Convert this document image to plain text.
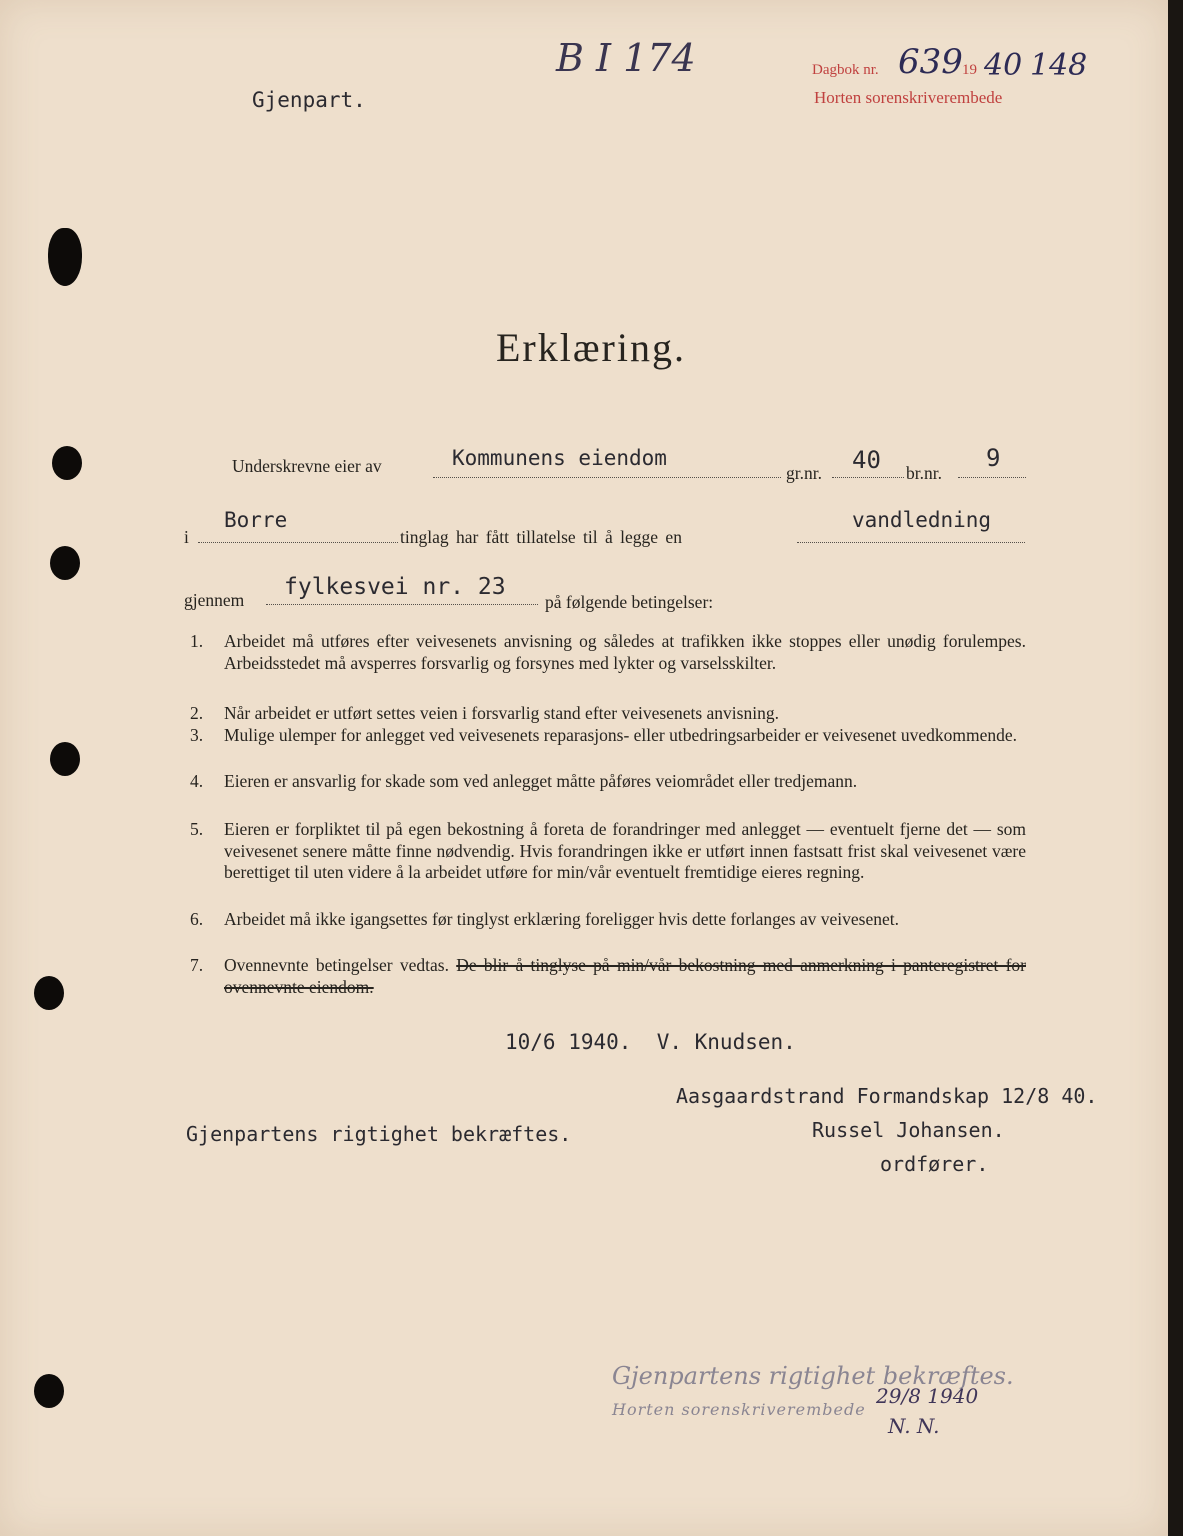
Gjenpart.
B I 174	Dagbok nr. 639 19 40 148
Horten sorenskriverembede
Erklæring.
Underskrevne eier av	Kommunens eiendom
gr.nr. 40 br.nr.
9
i
Borre
tinglag har fått tillatelse til å legge en
vandledning
gjennem fylkesvei nr. 23
på følgende betingelser:
1.	Arbeidet må utføres efter veivesenets anvisning og således at trafikken ikke stoppes eller unødig forulempes. Arbeidsstedet må avsperres forsvarlig og forsynes med lykter og varselsskilter.
2.	Når arbeidet er utført settes veien i forsvarlig stand efter veivesenets anvisning.
3.	Mulige ulemper for anlegget ved veivesenets reparasjons- eller utbedringsarbeider er veivesenet uvedkommende.
4.	Eieren er ansvarlig for skade som ved anlegget måtte påføres veiområdet eller tredjemann.
5.	Eieren er forpliktet til på egen bekostning å foreta de forandringer med anlegget — eventuelt fjerne det — som veivesenet senere måtte finne nødvendig. Hvis forandringen ikke er utført innen fastsatt frist skal veivesenet være berettiget til uten videre å la arbeidet utføre for min/vår eventuelt fremtidige eieres regning.
6.	Arbeidet må ikke igangsettes før tinglyst erklæring foreligger hvis dette forlanges av veivesenet.
7.	Ovennevnte betingelser vedtas. De blir å tinglyse på min/vår bekostning med anmerkning i panteregistret for ovennevnte eiendom.
10/6 1940.  V. Knudsen.
Aasgaardstrand Formandskap 12/8 40.
Gjenpartens rigtighet bekræftes.	Russel Johansen.
ordfører.
Gjenpartens rigtighet bekræftes.
Horten sorenskriverembede
29/8 1940
N. N.
